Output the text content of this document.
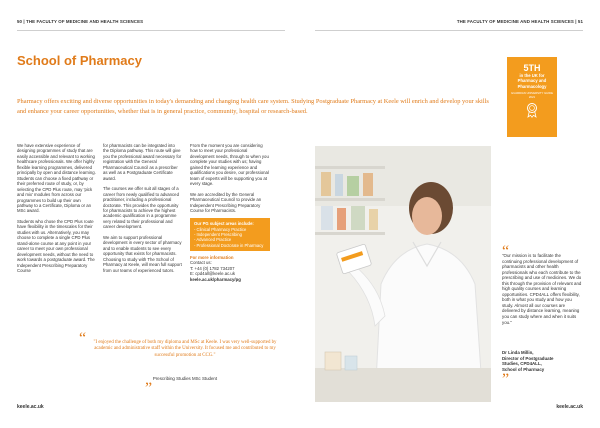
50 | THE FACULTY OF MEDICINE AND HEALTH SCIENCES	THE FACULTY OF MEDICINE AND HEALTH SCIENCES | 51
School of Pharmacy	5TH
in the UK for
Pharmacy and
Pharmacology
GUARDIAN UNIVERSITY GUIDE 2021
Pharmacy offers exciting and diverse opportunities in today's demanding and changing health care system. Studying Postgraduate Pharmacy at Keele will enrich and develop your skills and enhance your career opportunities, whether that is in general practice, community, hospital or research-based.

We have extensive experience of designing programmes of study that are easily accessible and relevant to working healthcare professionals. We offer highly flexible learning programmes, delivered principally by open and distance learning. Students can choose a fixed pathway or their preferred route of study, or, by selecting the CPD Plus route, may 'pick and mix' modules from across our programmes to build up their own pathway to a Certificate, Diploma or an MSc award.

Students who chose the CPD Plus route have flexibility in the timescales for their studies with us. Alternatively, you may choose to complete a single CPD Plus stand-alone course at any point in your career to meet your own professional development needs, without the need to work towards a postgraduate award. The Independent Prescribing Preparatory Course

for pharmacists can be integrated into the Diploma pathway. This route will give you the professional award necessary for registration with the General Pharmaceutical Council as a prescriber as well as a Postgraduate Certificate award.

The courses we offer suit all stages of a career from newly qualified to advanced practitioner, including a professional doctorate. This provides the opportunity for pharmacists to achieve the highest academic qualification in a programme very related to their professional and career development.

We aim to support professional development in every sector of pharmacy and to enable students to see every opportunity that exists for pharmacists. Choosing to study with The School of Pharmacy at Keele, will mean full support from our teams of experienced tutors.

From the moment you are considering how to meet your professional development needs, through to when you complete your studies with us; having gained the learning experience and qualifications you desire, our professional team of experts will be supporting you at every stage.

We are accredited by the General Pharmaceutical Council to provide an Independent Prescribing Preparatory Course for Pharmacists.

Our PG subject areas include:
- Clinical Pharmacy Practice
- Independent Prescribing
- Advanced Practice
- Professional Doctorate in Pharmacy
For more information
Contact us:
T: +44 (0) 1782 734207
E: cpd4all@keele.ac.uk
keele.ac.uk/pharmacy/pg
“	"I enjoyed the challenge of both my diploma and MSc at Keele. I was very well-supported by academic and administrative staff within the University. It focused me and contributed to my successful promotion at CCG."
Prescribing Studies MSc Student
”
“
"Our mission is to facilitate the continuing professional development of pharmacists and other health professionals who each contribute to the prescribing and use of medicines. We do this through the provision of relevant and high quality courses and learning opportunities. CPD4ALL offers flexibility, both in what you study and how you study. Almost all our courses are delivered by distance learning, meaning you can study where and when it suits you."
Dr Linda Millin,
Director of Postgraduate
Studies, CPD4ALL,
School of Pharmacy
”
keele.ac.uk	keele.ac.uk
